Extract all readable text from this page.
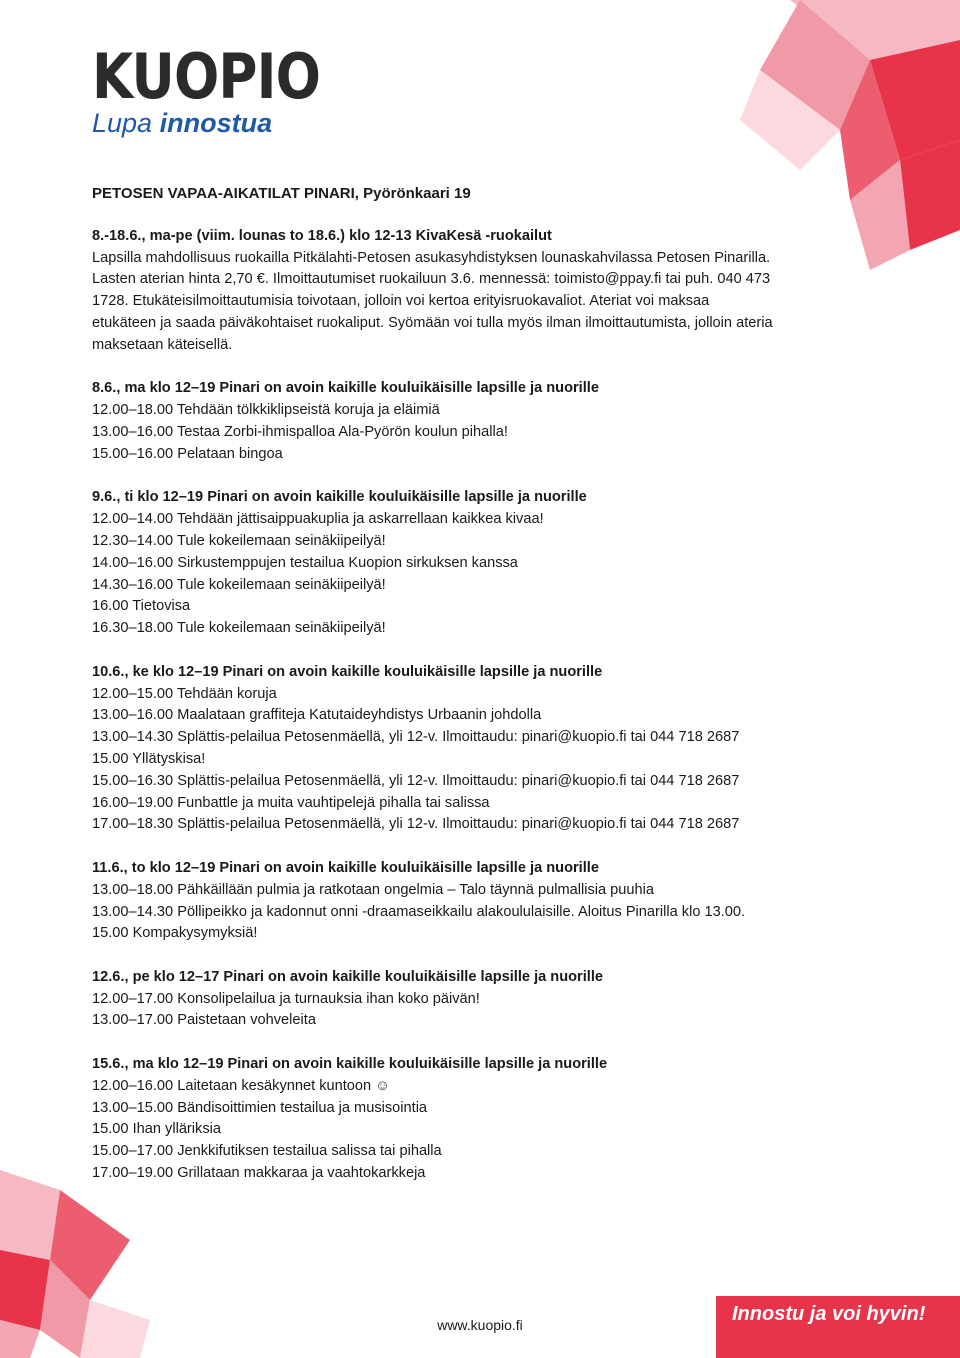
KUOPIO
Lupa innostua
PETOSEN VAPAA-AIKATILAT PINARI, Pyörönkaari 19
8.-18.6., ma-pe (viim. lounas to 18.6.) klo 12-13 KivaKesä -ruokailut
Lapsilla mahdollisuus ruokailla Pitkälahti-Petosen asukasyhdistyksen lounaskahvilassa Petosen Pinarilla.
Lasten aterian hinta 2,70 €. Ilmoittautumiset ruokailuun 3.6. mennessä: toimisto@ppay.fi tai puh. 040 473
1728. Etukäteisilmoittautumisia toivotaan, jolloin voi kertoa erityisruokavaliot. Ateriat voi maksaa
etukäteen ja saada päiväkohtaiset ruokaliput. Syömään voi tulla myös ilman ilmoittautumista, jolloin ateria
maksetaan käteisellä.
8.6., ma klo 12–19 Pinari on avoin kaikille kouluikäisille lapsille ja nuorille
12.00–18.00 Tehdään tölkkiklipseistä koruja ja eläimiä
13.00–16.00 Testaa Zorbi-ihmispalloa Ala-Pyörön koulun pihalla!
15.00–16.00 Pelataan bingoa
9.6., ti klo 12–19 Pinari on avoin kaikille kouluikäisille lapsille ja nuorille
12.00–14.00 Tehdään jättisaippuakuplia ja askarrellaan kaikkea kivaa!
12.30–14.00 Tule kokeilemaan seinäkiipeilyä!
14.00–16.00 Sirkustemppujen testailua Kuopion sirkuksen kanssa
14.30–16.00 Tule kokeilemaan seinäkiipeilyä!
16.00 Tietovisa
16.30–18.00 Tule kokeilemaan seinäkiipeilyä!
10.6., ke klo 12–19 Pinari on avoin kaikille kouluikäisille lapsille ja nuorille
12.00–15.00 Tehdään koruja
13.00–16.00 Maalataan graffiteja Katutaideyhdistys Urbaanin johdolla
13.00–14.30 Splättis-pelailua Petosenmäellä, yli 12-v. Ilmoittaudu: pinari@kuopio.fi tai 044 718 2687
15.00 Yllätyskisa!
15.00–16.30 Splättis-pelailua Petosenmäellä, yli 12-v. Ilmoittaudu: pinari@kuopio.fi tai 044 718 2687
16.00–19.00 Funbattle ja muita vauhtipelejä pihalla tai salissa
17.00–18.30 Splättis-pelailua Petosenmäellä, yli 12-v. Ilmoittaudu: pinari@kuopio.fi tai 044 718 2687
11.6., to klo 12–19 Pinari on avoin kaikille kouluikäisille lapsille ja nuorille
13.00–18.00 Pähkäillään pulmia ja ratkotaan ongelmia – Talo täynnä pulmallisia puuhia
13.00–14.30 Pöllipeikko ja kadonnut onni -draamaseikkailu alakoululaisille. Aloitus Pinarilla klo 13.00.
15.00 Kompakysymyksiä!
12.6., pe klo 12–17 Pinari on avoin kaikille kouluikäisille lapsille ja nuorille
12.00–17.00 Konsolipelailua ja turnauksia ihan koko päivän!
13.00–17.00 Paistetaan vohveleita
15.6., ma klo 12–19 Pinari on avoin kaikille kouluikäisille lapsille ja nuorille
12.00–16.00 Laitetaan kesäkynnet kuntoon ☺
13.00–15.00 Bändisoittimien testailua ja musisointia
15.00 Ihan ylläriksia
15.00–17.00 Jenkkifutiksen testailua salissa tai pihalla
17.00–19.00 Grillataan makkaraa ja vaahtokarkkeja
www.kuopio.fi	Innostu ja voi hyvin!
